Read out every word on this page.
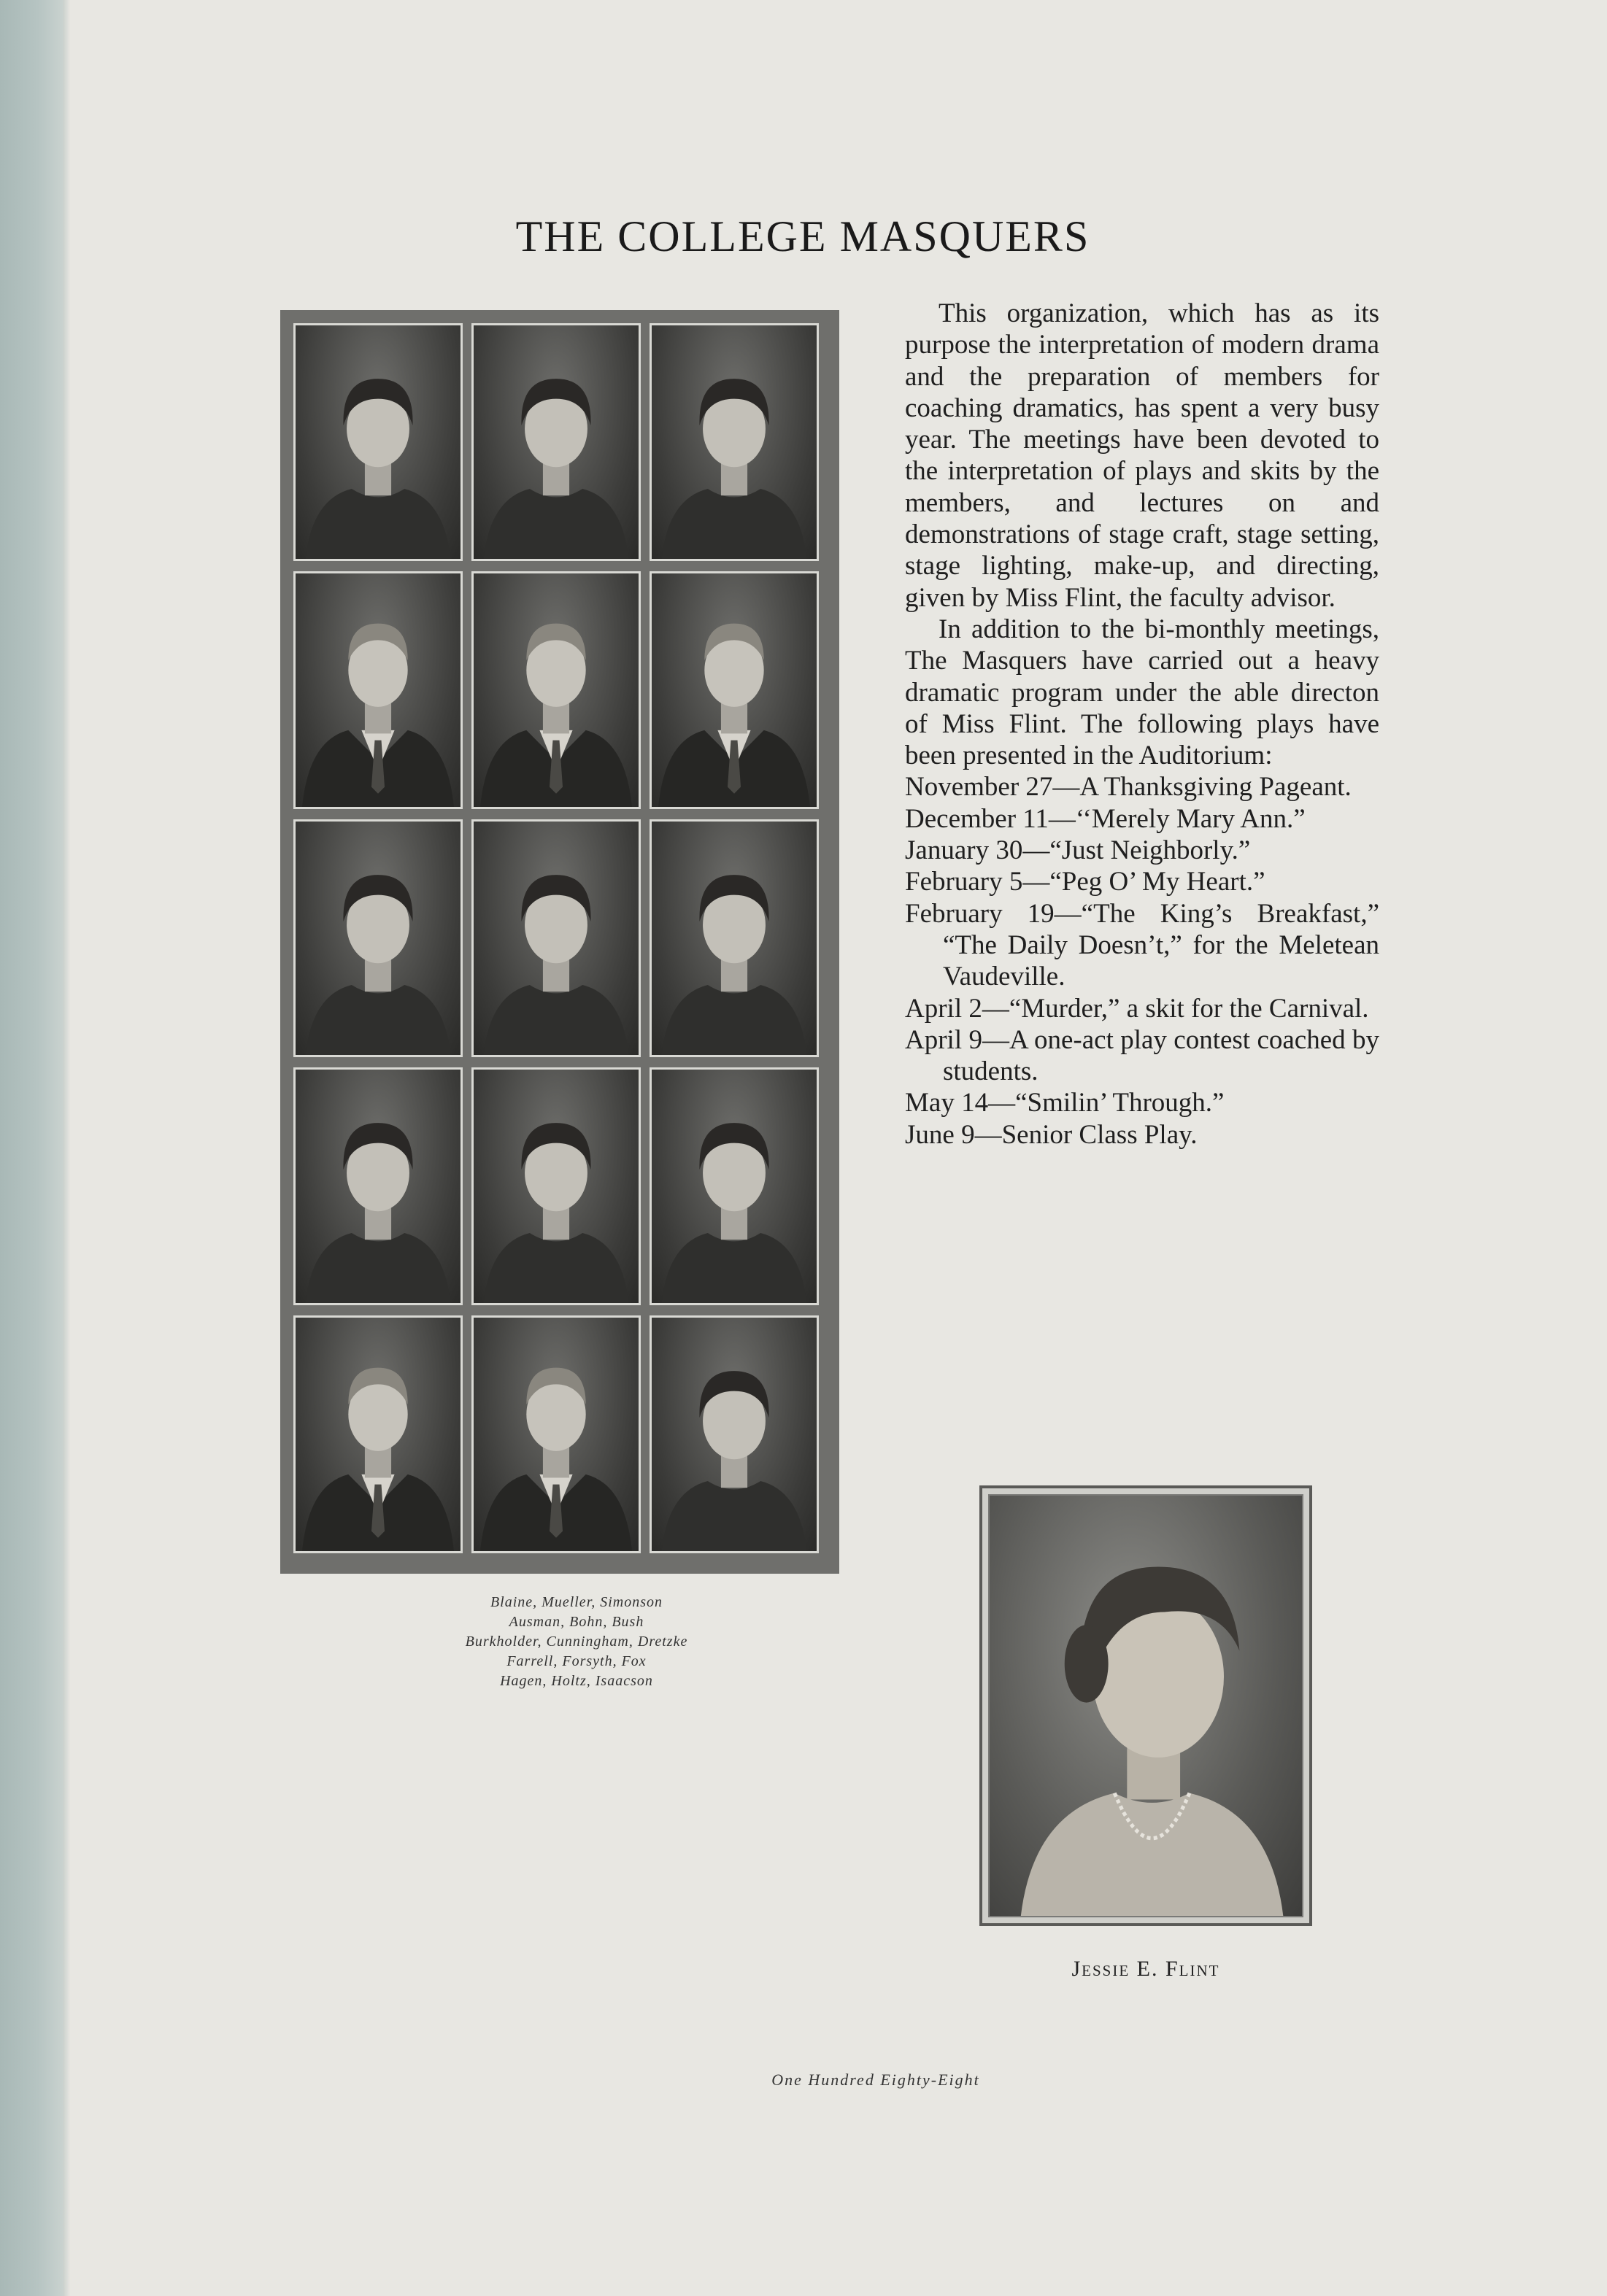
THE COLLEGE MASQUERS
Blaine, Mueller, Simonson
Ausman, Bohn, Bush
Burkholder, Cunningham, Dretzke
Farrell, Forsyth, Fox
Hagen, Holtz, Isaacson

This organization, which has as its purpose the interpretation of modern drama and the preparation of members for coaching dramatics, has spent a very busy year. The meetings have been devoted to the interpretation of plays and skits by the members, and lectures on and demonstrations of stage craft, stage setting, stage lighting, make-up, and directing, given by Miss Flint, the faculty advisor.

In addition to the bi-monthly meetings, The Masquers have carried out a heavy dramatic program under the able directon of Miss Flint. The following plays have been presented in the Auditorium:

November 27—A Thanksgiving Pageant.

December 11—‘‘Merely Mary Ann.”

January 30—“Just Neighborly.”

February 5—“Peg O’ My Heart.”

February 19—“The King’s Breakfast,” “The Daily Doesn’t,” for the Meletean Vaudeville.

April 2—“Murder,” a skit for the Carnival.

April 9—A one-act play contest coached by students.

May 14—“Smilin’ Through.”

June 9—Senior Class Play.

Jessie E. Flint
One Hundred Eighty-Eight
